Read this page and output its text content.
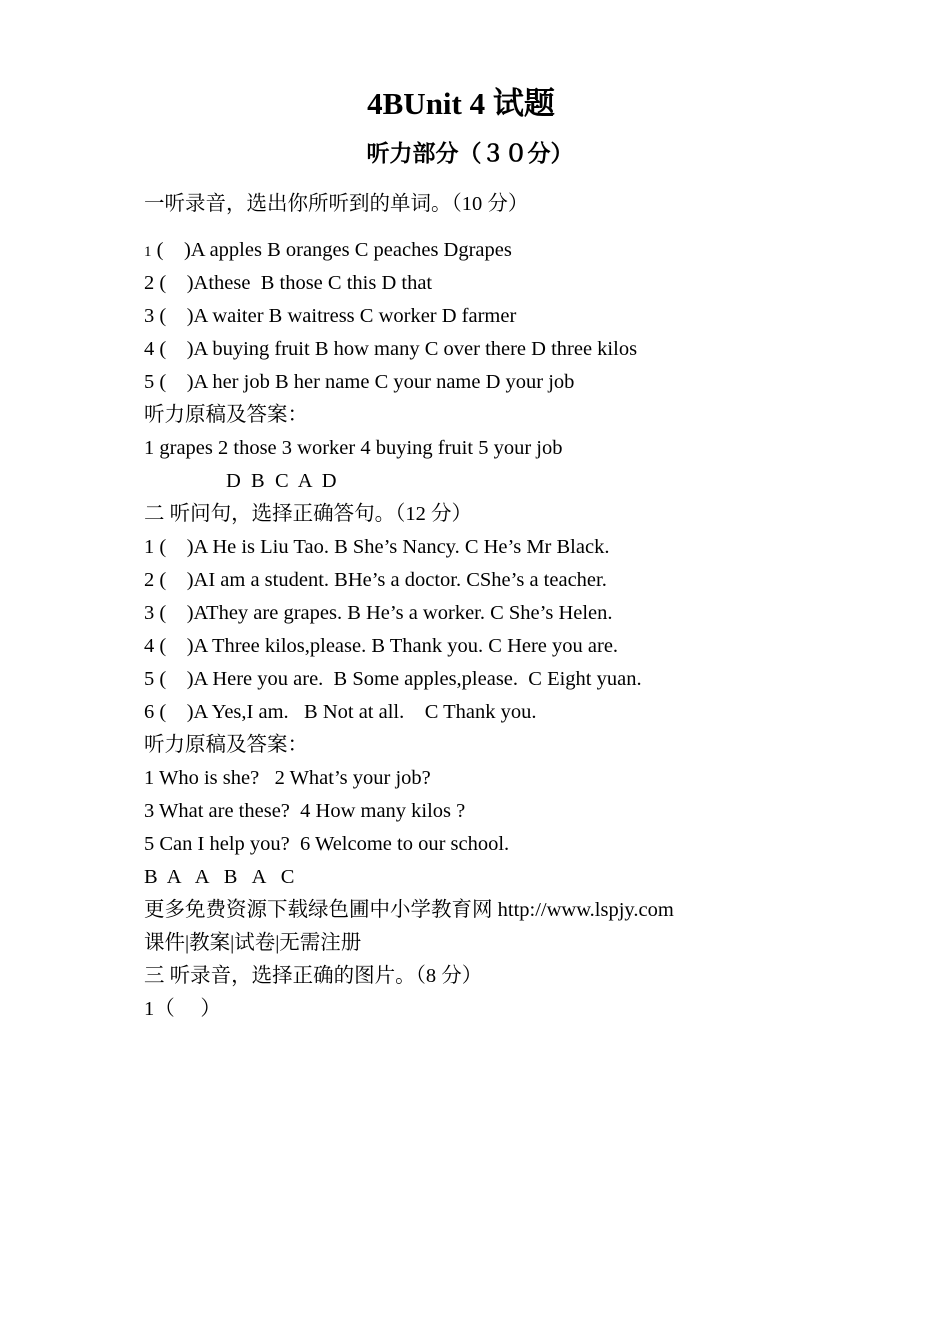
4BUnit 4 试题
听力部分（３０分）
一听录音，选出你所听到的单词。（10 分）
1 (    )A apples B oranges C peaches Dgrapes
2 (    )Athese  B those C this D that
3 (    )A waiter B waitress C worker D farmer
4 (    )A buying fruit B how many C over there D three kilos
5 (    )A her job B her name C your name D your job
听力原稿及答案：
1 grapes 2 those 3 worker 4 buying fruit 5 your job
D  B  C  A  D
二 听问句，选择正确答句。（12 分）
1 (    )A He is Liu Tao. B She’s Nancy. C He’s Mr Black.
2 (    )AI am a student. BHe’s a doctor. CShe’s a teacher.
3 (    )AThey are grapes. B He’s a worker. C She’s Helen.
4 (    )A Three kilos,please. B Thank you. C Here you are.
5 (    )A Here you are.  B Some apples,please.  C Eight yuan.
6 (    )A Yes,I am.   B Not at all.    C Thank you.
听力原稿及答案：
1 Who is she?   2 What’s your job?
3 What are these?  4 How many kilos ?
5 Can I help you?  6 Welcome to our school.
B  A   A   B   A   C
更多免费资源下载绿色圃中小学教育网 http://www.lspjy.com
课件|教案|试卷|无需注册
三 听录音，选择正确的图片。（8 分）
1（     ）
